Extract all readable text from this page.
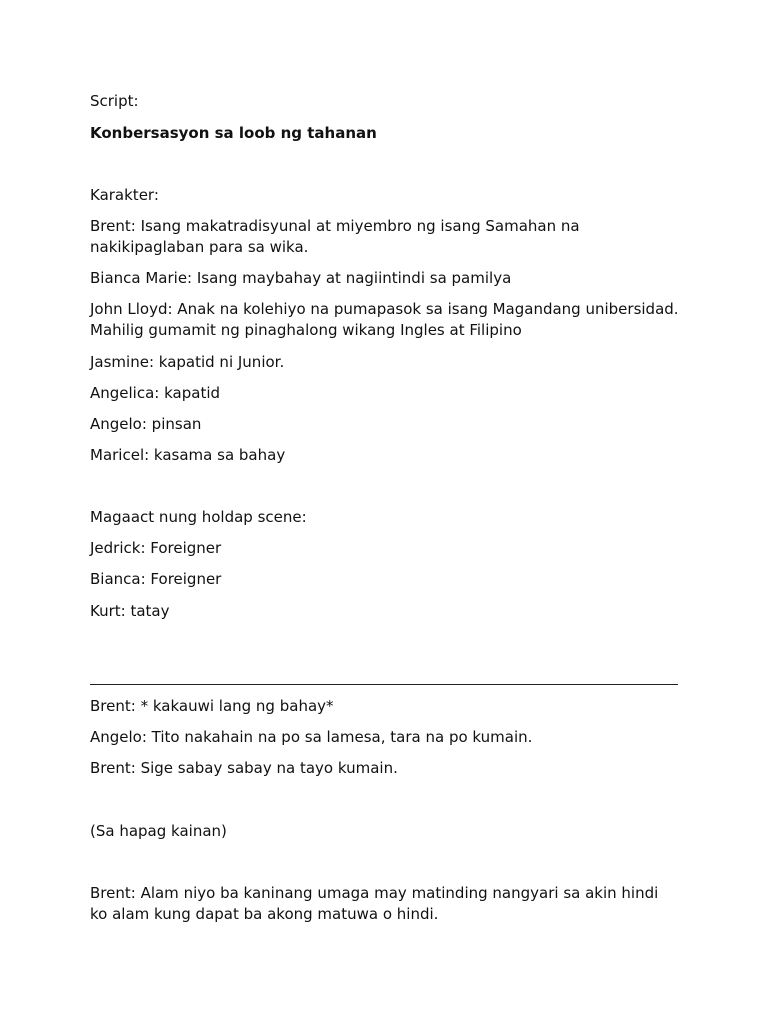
Script:

Konbersasyon sa loob ng tahanan

Karakter:

Brent: Isang makatradisyunal at miyembro ng isang Samahan na nakikipaglaban para sa wika.

Bianca Marie: Isang maybahay at nagiintindi sa pamilya

John Lloyd: Anak na kolehiyo na pumapasok sa isang Magandang unibersidad. Mahilig gumamit ng pinaghalong wikang Ingles at Filipino

Jasmine: kapatid ni Junior.

Angelica: kapatid

Angelo: pinsan

Maricel: kasama sa bahay

Magaact nung holdap scene:

Jedrick: Foreigner

Bianca: Foreigner

Kurt: tatay

Brent: * kakauwi lang ng bahay*

Angelo: Tito nakahain na po sa lamesa, tara na po kumain.

Brent: Sige sabay sabay na tayo kumain.

(Sa hapag kainan)

Brent: Alam niyo ba kaninang umaga may matinding nangyari sa akin hindi ko alam kung dapat ba akong matuwa o hindi.
